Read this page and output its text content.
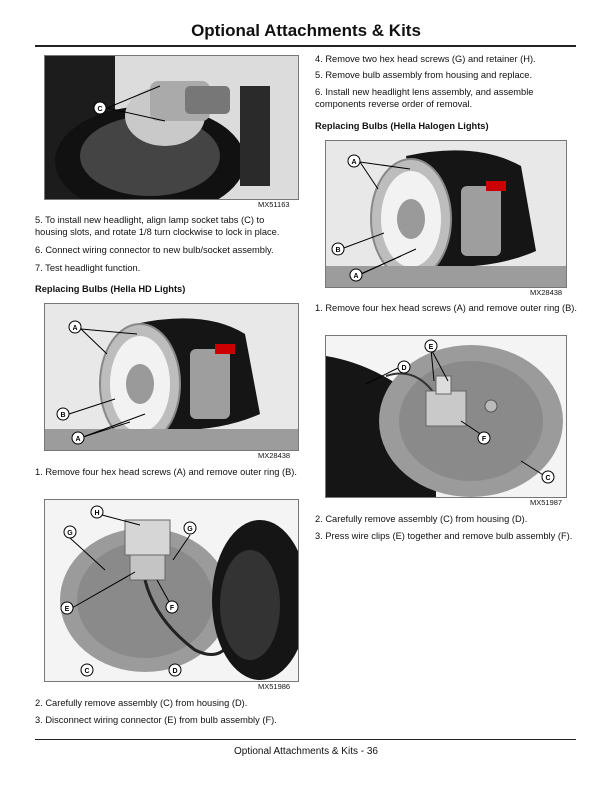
Optional Attachments & Kits
C
MX51163

5. To install new headlight, align lamp socket tabs (C) to housing slots, and rotate 1/8 turn clockwise to lock in place.

6. Connect wiring connector to new bulb/socket assembly.

7. Test headlight function.

Replacing Bulbs (Hella HD Lights)

A
B
A
MX28438

1. Remove four hex head screws (A) and remove outer ring (B).

H
G
G
E	F
C	D
MX51986

2. Carefully remove assembly (C) from housing (D).

3. Disconnect wiring connector (E) from bulb assembly (F).

4. Remove two hex head screws (G) and retainer (H).

5. Remove bulb assembly from housing and replace.

6. Install new headlight lens assembly, and assemble components reverse order of removal.

Replacing Bulbs (Hella Halogen Lights)

A
B
A
MX28438

1. Remove four hex head screws (A) and remove outer ring (B).

E
D
F
C
MX51987

2. Carefully remove assembly (C) from housing (D).

3. Press wire clips (E) together and remove bulb assembly (F).

Optional Attachments & Kits - 36
